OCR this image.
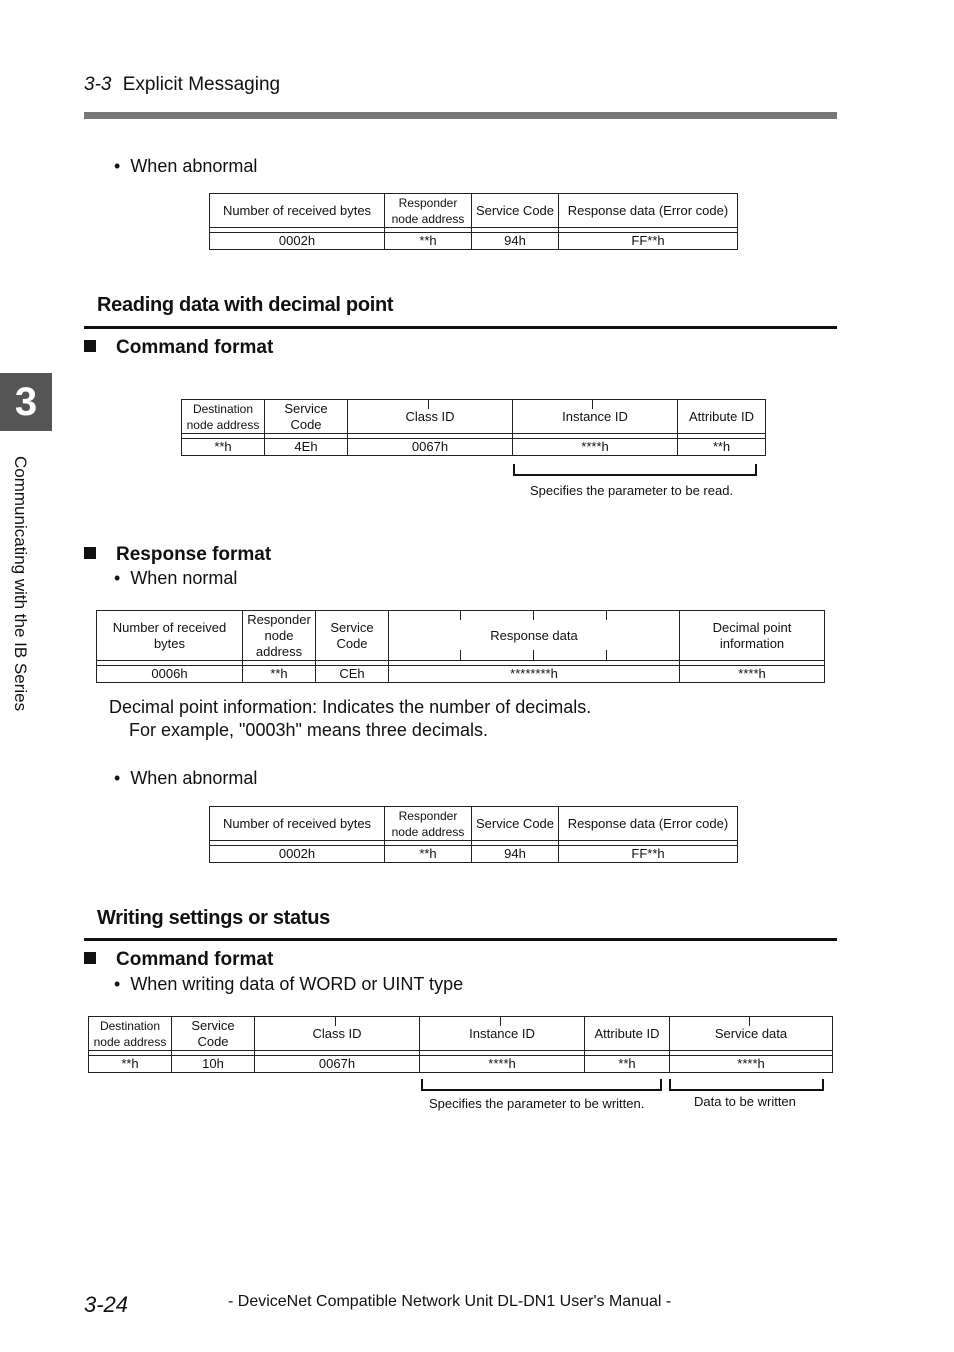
3-3 Explicit Messaging
3
Communicating with the IB Series
• When abnormal
Number of received bytes	Responder node address	Service Code	Response data (Error code)

0002h	**h	94h	FF**h
Reading data with decimal point
Command format
Destination node address	Service Code	Class ID	Instance ID	Attribute ID

**h	4Eh	0067h	****h	**h
Specifies the parameter to be read.
Response format
• When normal
Number of received bytes	Responder node address	Service Code	Response data	Decimal point information

0006h	**h	CEh	********h	****h
Decimal point information: Indicates the number of decimals.
For example, "0003h" means three decimals.
• When abnormal
Number of received bytes	Responder node address	Service Code	Response data (Error code)

0002h	**h	94h	FF**h
Writing settings or status
Command format
• When writing data of WORD or UINT type
Destination node address	Service Code	Class ID	Instance ID	Attribute ID	Service data

**h	10h	0067h	****h	**h	****h
Specifies the parameter to be written.	Data to be written
3-24	- DeviceNet Compatible Network Unit DL-DN1 User's Manual -
